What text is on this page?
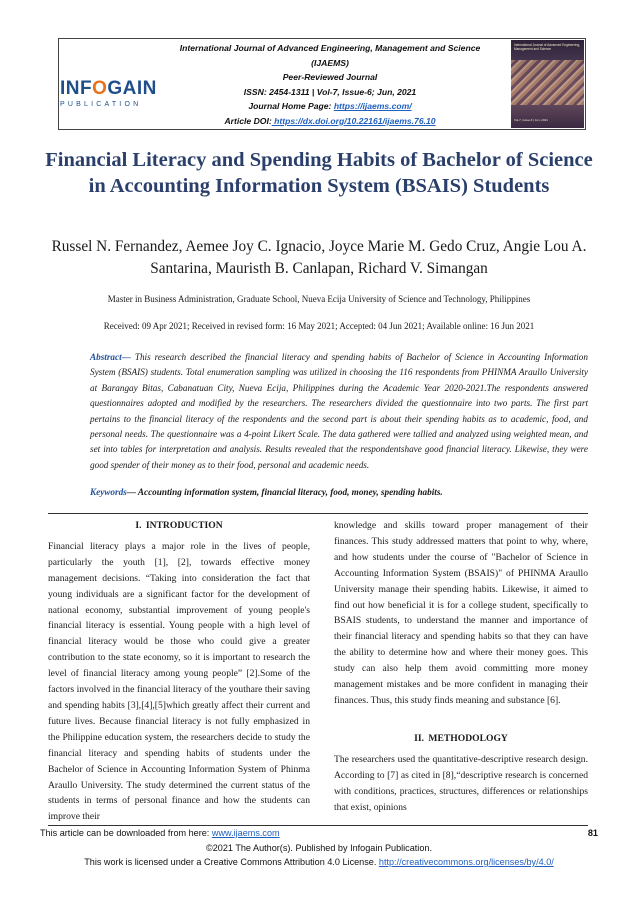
INFOGAIN
PUBLICATION
International Journal of Advanced Engineering, Management and Science
(IJAEMS)
Peer-Reviewed Journal
ISSN: 2454-1311 | Vol-7, Issue-6; Jun, 2021
Journal Home Page: https://ijaems.com/
Article DOI: https://dx.doi.org/10.22161/ijaems.76.10
International Journal of Advanced Engineering, Management and Science
Vol-7, Issue-6 | Jun, 2021
Financial Literacy and Spending Habits of Bachelor of Science in Accounting Information System (BSAIS) Students

Russel N. Fernandez, Aemee Joy C. Ignacio, Joyce Marie M. Gedo Cruz, Angie Lou A. Santarina, Mauristh B. Canlapan, Richard V. Simangan

Master in Business Administration, Graduate School, Nueva Ecija University of Science and Technology, Philippines

Received: 09 Apr 2021; Received in revised form: 16 May 2021; Accepted: 04 Jun 2021; Available online: 16 Jun 2021

Abstract— This research described the financial literacy and spending habits of Bachelor of Science in Accounting Information System (BSAIS) students. Total enumeration sampling was utilized in choosing the 116 respondents from PHINMA Araullo University at Barangay Bitas, Cabanatuan City, Nueva Ecija, Philippines during the Academic Year 2020-2021.The respondents answered questionnaires adopted and modified by the researchers. The researchers divided the questionnaire into two parts. The first part pertains to the financial literacy of the respondents and the second part is about their spending habits as to academic, food, and personal needs. The questionnaire was a 4-point Likert Scale. The data gathered were tallied and analyzed using weighted mean, and set into tables for interpretation and analysis. Results revealed that the respondentshave good financial literacy. Likewise, they were good spender of their money as to their food, personal and academic needs.

Keywords— Accounting information system, financial literacy, food, money, spending habits.

I. INTRODUCTION

Financial literacy plays a major role in the lives of people, particularly the youth [1], [2], towards effective money management decisions. “Taking into consideration the fact that young individuals are a significant factor for the development of national economy, substantial improvement of young people's financial literacy is essential. Young people with a high level of financial literacy would be those who could give a greater contribution to the state economy, so it is important to research the level of financial literacy among young people” [2].Some of the factors involved in the financial literacy of the youthare their saving and spending habits [3],[4],[5]which greatly affect their current and future lives. Because financial literacy is not fully emphasized in the Philippine education system, the researchers decide to study the financial literacy and spending habits of students under the Bachelor of Science in Accounting Information System of Phinma Araullo University. The study determined the current status of the students in terms of personal finance and how the students can improve their

knowledge and skills toward proper management of their finances. This study addressed matters that point to why, where, and how students under the course of "Bachelor of Science in Accounting Information System (BSAIS)" of PHINMA Araullo University manage their spending habits. Likewise, it aimed to find out how beneficial it is for a college student, specifically to BSAIS students, to understand the manner and importance of their financial literacy and spending habits so that they can have the ability to determine how and where their money goes. This study can also help them avoid committing more money management mistakes and be more confident in managing their finances. Thus, this study finds meaning and substance [6].

II. METHODOLOGY

The researchers used the quantitative-descriptive research design. According to [7] as cited in [8],“descriptive research is concerned with conditions, practices, structures, differences or relationships that exist, opinions

This article can be downloaded from here: www.ijaems.com	81
©2021 The Author(s). Published by Infogain Publication.
This work is licensed under a Creative Commons Attribution 4.0 License. http://creativecommons.org/licenses/by/4.0/
